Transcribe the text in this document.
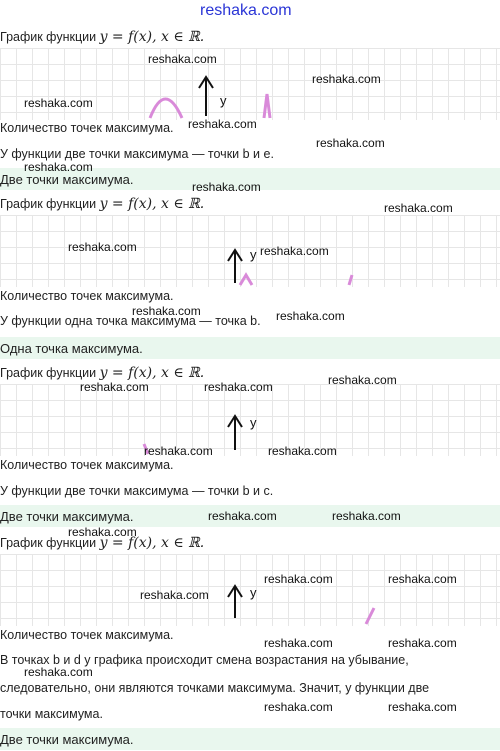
reshaka.com
График функции y = f(x), x ∈ ℝ.
y
Количество точек максимума.
У функции две точки максимума — точки b и e.
Две точки максимума.
График функции y = f(x), x ∈ ℝ.
y
Количество точек максимума.
У функции одна точка максимума — точка b.
Одна точка максимума.
График функции y = f(x), x ∈ ℝ.
y
Количество точек максимума.
У функции две точки максимума — точки b и c.
Две точки максимума.
График функции y = f(x), x ∈ ℝ.
y
Количество точек максимума.
В точках b и d у графика происходит смена возрастания на убывание,
следовательно, они являются точками максимума. Значит, у функции две
точки максимума.
Две точки максимума.
reshaka.com
reshaka.com
reshaka.com
reshaka.com
reshaka.com
reshaka.com
reshaka.com
reshaka.com
reshaka.com	reshaka.com
reshaka.com	reshaka.com
reshaka.com
reshaka.com	reshaka.com
reshaka.com	reshaka.com
reshaka.com	reshaka.com
reshaka.com
reshaka.com	reshaka.com
reshaka.com
reshaka.com	reshaka.com
reshaka.com
reshaka.com	reshaka.com
